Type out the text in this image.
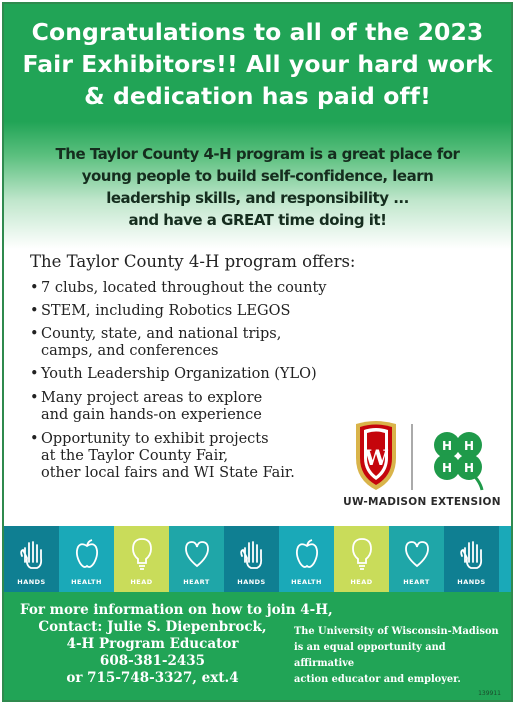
Congratulations to all of the 2023
Fair Exhibitors!! All your hard work
& dedication has paid off!
The Taylor County 4-H program is a great place for
young people to build self-confidence, learn
leadership skills, and responsibility ...
and have a GREAT time doing it!
The Taylor County 4-H program offers:
• 7 clubs, located throughout the county
• STEM, including Robotics LEGOS
• County, state, and national trips,
camps, and conferences
• Youth Leadership Organization (YLO)
• Many project areas to explore
and gain hands-on experience
• Opportunity to exhibit projects
at the Taylor County Fair,
other local fairs and WI State Fair.
W	H H
H H
UW-MADISON EXTENSION
HANDS	HEALTH	HEAD	HEART	HANDS	HEALTH	HEAD	HEART	HANDS
For more information on how to join 4-H,
Contact: Julie S. Diepenbrock,
4-H Program Educator
608-381-2435
or 715-748-3327, ext.4
The University of Wisconsin-Madison
is an equal opportunity and affirmative
action educator and employer.
139911
